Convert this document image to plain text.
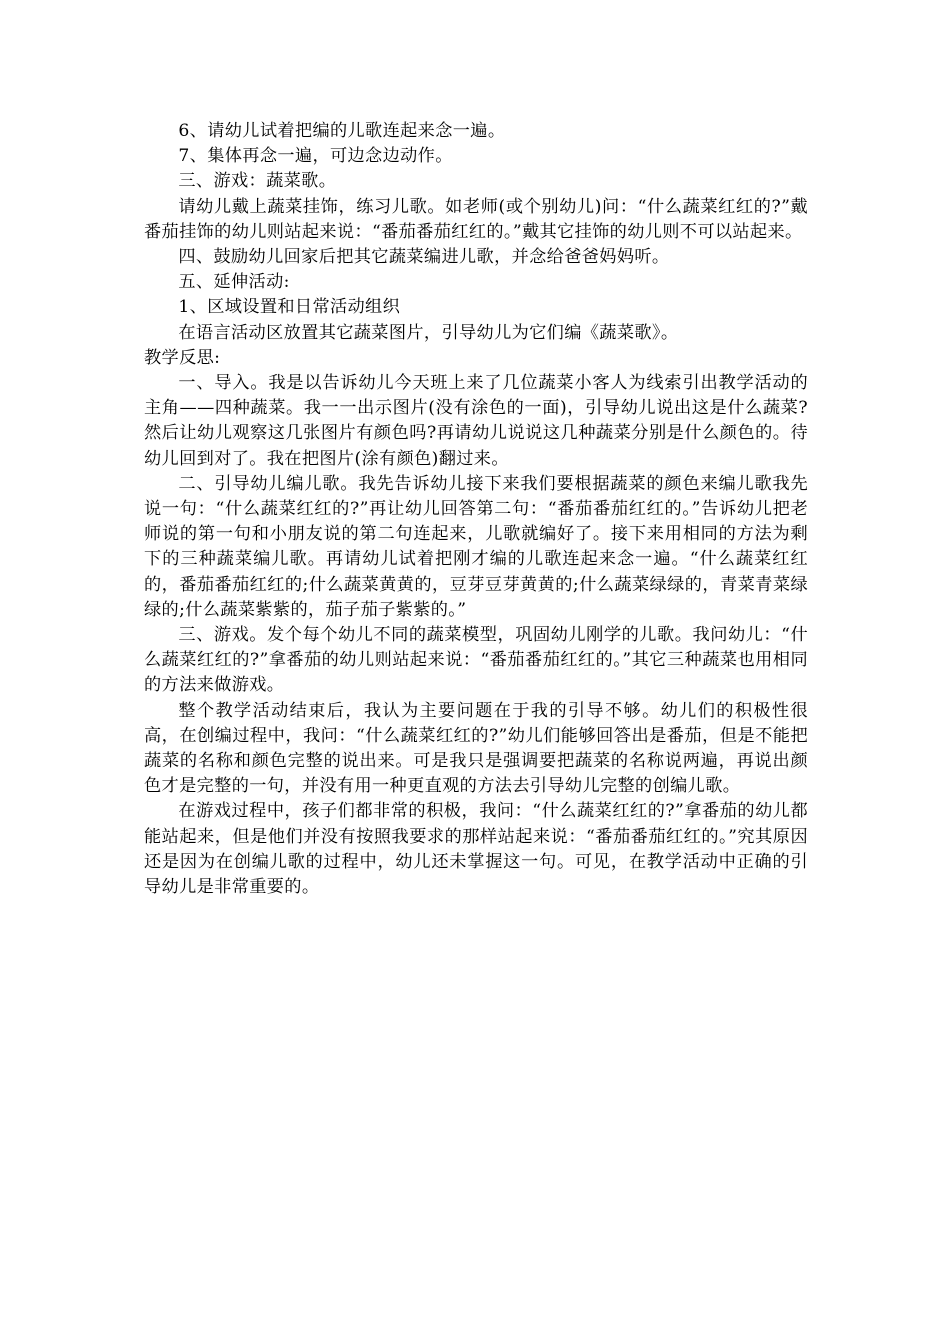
6、请幼儿试着把编的儿歌连起来念一遍。

7、集体再念一遍，可边念边动作。

三、游戏：蔬菜歌。

请幼儿戴上蔬菜挂饰，练习儿歌。如老师(或个别幼儿)问：“什么蔬菜红红的?”戴番茄挂饰的幼儿则站起来说：“番茄番茄红红的。”戴其它挂饰的幼儿则不可以站起来。

四、鼓励幼儿回家后把其它蔬菜编进儿歌，并念给爸爸妈妈听。

五、延伸活动:

1、区域设置和日常活动组织

在语言活动区放置其它蔬菜图片，引导幼儿为它们编《蔬菜歌》。

教学反思:

一、导入。我是以告诉幼儿今天班上来了几位蔬菜小客人为线索引出教学活动的主角——四种蔬菜。我一一出示图片(没有涂色的一面)，引导幼儿说出这是什么蔬菜?然后让幼儿观察这几张图片有颜色吗?再请幼儿说说这几种蔬菜分别是什么颜色的。待幼儿回到对了。我在把图片(涂有颜色)翻过来。

二、引导幼儿编儿歌。我先告诉幼儿接下来我们要根据蔬菜的颜色来编儿歌我先说一句：“什么蔬菜红红的?”再让幼儿回答第二句：“番茄番茄红红的。”告诉幼儿把老师说的第一句和小朋友说的第二句连起来，儿歌就编好了。接下来用相同的方法为剩下的三种蔬菜编儿歌。再请幼儿试着把刚才编的儿歌连起来念一遍。“什么蔬菜红红的，番茄番茄红红的;什么蔬菜黄黄的，豆芽豆芽黄黄的;什么蔬菜绿绿的，青菜青菜绿绿的;什么蔬菜紫紫的，茄子茄子紫紫的。”

三、游戏。发个每个幼儿不同的蔬菜模型，巩固幼儿刚学的儿歌。我问幼儿：“什么蔬菜红红的?”拿番茄的幼儿则站起来说：“番茄番茄红红的。”其它三种蔬菜也用相同的方法来做游戏。

整个教学活动结束后，我认为主要问题在于我的引导不够。幼儿们的积极性很高，在创编过程中，我问：“什么蔬菜红红的?”幼儿们能够回答出是番茄，但是不能把蔬菜的名称和颜色完整的说出来。可是我只是强调要把蔬菜的名称说两遍，再说出颜色才是完整的一句，并没有用一种更直观的方法去引导幼儿完整的创编儿歌。

在游戏过程中，孩子们都非常的积极，我问：“什么蔬菜红红的?”拿番茄的幼儿都能站起来，但是他们并没有按照我要求的那样站起来说：“番茄番茄红红的。”究其原因还是因为在创编儿歌的过程中，幼儿还未掌握这一句。可见，在教学活动中正确的引导幼儿是非常重要的。
